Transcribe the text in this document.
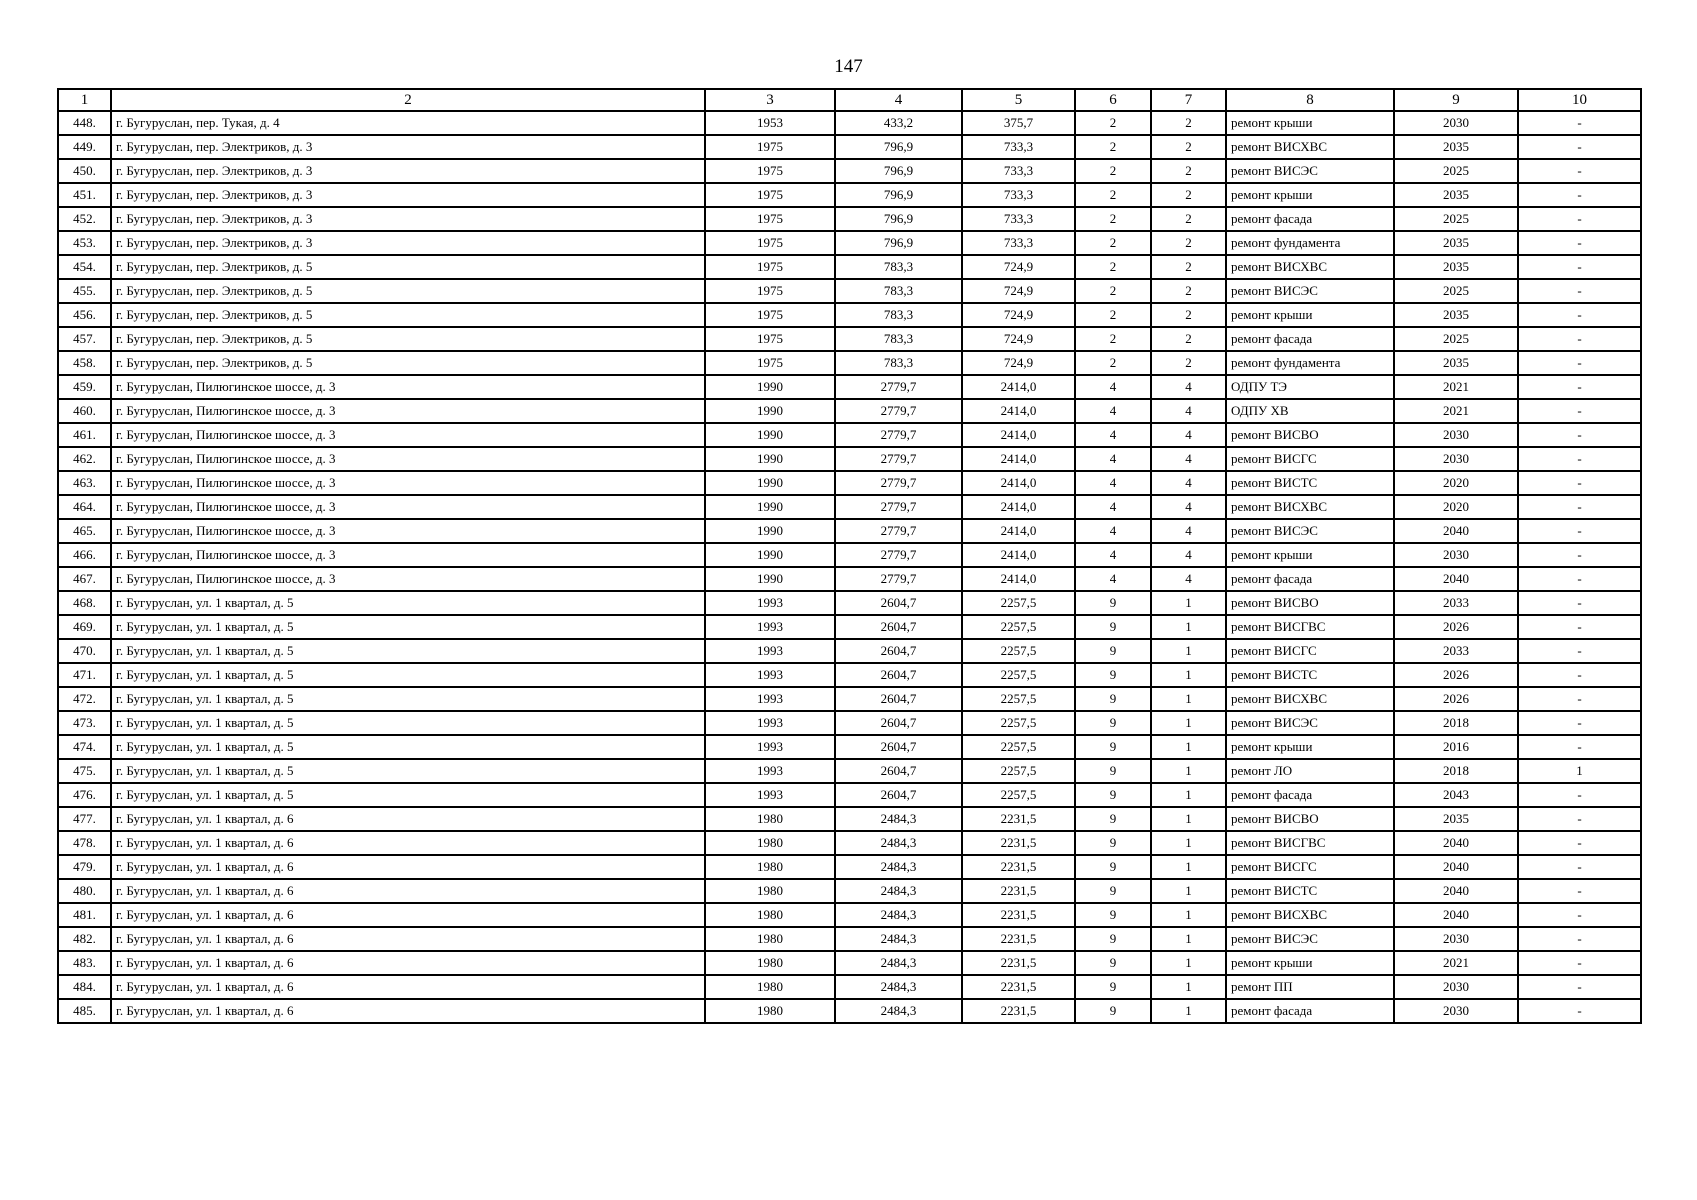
147
1	2	3	4	5	6	7	8	9	10
448.	г. Бугуруслан, пер. Тукая, д. 4	1953	433,2	375,7	2	2	ремонт крыши	2030	-
449.	г. Бугуруслан, пер. Электриков, д. 3	1975	796,9	733,3	2	2	ремонт ВИСХВС	2035	-
450.	г. Бугуруслан, пер. Электриков, д. 3	1975	796,9	733,3	2	2	ремонт ВИСЭС	2025	-
451.	г. Бугуруслан, пер. Электриков, д. 3	1975	796,9	733,3	2	2	ремонт крыши	2035	-
452.	г. Бугуруслан, пер. Электриков, д. 3	1975	796,9	733,3	2	2	ремонт фасада	2025	-
453.	г. Бугуруслан, пер. Электриков, д. 3	1975	796,9	733,3	2	2	ремонт фундамента	2035	-
454.	г. Бугуруслан, пер. Электриков, д. 5	1975	783,3	724,9	2	2	ремонт ВИСХВС	2035	-
455.	г. Бугуруслан, пер. Электриков, д. 5	1975	783,3	724,9	2	2	ремонт ВИСЭС	2025	-
456.	г. Бугуруслан, пер. Электриков, д. 5	1975	783,3	724,9	2	2	ремонт крыши	2035	-
457.	г. Бугуруслан, пер. Электриков, д. 5	1975	783,3	724,9	2	2	ремонт фасада	2025	-
458.	г. Бугуруслан, пер. Электриков, д. 5	1975	783,3	724,9	2	2	ремонт фундамента	2035	-
459.	г. Бугуруслан, Пилюгинское шоссе, д. 3	1990	2779,7	2414,0	4	4	ОДПУ ТЭ	2021	-
460.	г. Бугуруслан, Пилюгинское шоссе, д. 3	1990	2779,7	2414,0	4	4	ОДПУ ХВ	2021	-
461.	г. Бугуруслан, Пилюгинское шоссе, д. 3	1990	2779,7	2414,0	4	4	ремонт ВИСВО	2030	-
462.	г. Бугуруслан, Пилюгинское шоссе, д. 3	1990	2779,7	2414,0	4	4	ремонт ВИСГС	2030	-
463.	г. Бугуруслан, Пилюгинское шоссе, д. 3	1990	2779,7	2414,0	4	4	ремонт ВИСТС	2020	-
464.	г. Бугуруслан, Пилюгинское шоссе, д. 3	1990	2779,7	2414,0	4	4	ремонт ВИСХВС	2020	-
465.	г. Бугуруслан, Пилюгинское шоссе, д. 3	1990	2779,7	2414,0	4	4	ремонт ВИСЭС	2040	-
466.	г. Бугуруслан, Пилюгинское шоссе, д. 3	1990	2779,7	2414,0	4	4	ремонт крыши	2030	-
467.	г. Бугуруслан, Пилюгинское шоссе, д. 3	1990	2779,7	2414,0	4	4	ремонт фасада	2040	-
468.	г. Бугуруслан, ул. 1 квартал, д. 5	1993	2604,7	2257,5	9	1	ремонт ВИСВО	2033	-
469.	г. Бугуруслан, ул. 1 квартал, д. 5	1993	2604,7	2257,5	9	1	ремонт ВИСГВС	2026	-
470.	г. Бугуруслан, ул. 1 квартал, д. 5	1993	2604,7	2257,5	9	1	ремонт ВИСГС	2033	-
471.	г. Бугуруслан, ул. 1 квартал, д. 5	1993	2604,7	2257,5	9	1	ремонт ВИСТС	2026	-
472.	г. Бугуруслан, ул. 1 квартал, д. 5	1993	2604,7	2257,5	9	1	ремонт ВИСХВС	2026	-
473.	г. Бугуруслан, ул. 1 квартал, д. 5	1993	2604,7	2257,5	9	1	ремонт ВИСЭС	2018	-
474.	г. Бугуруслан, ул. 1 квартал, д. 5	1993	2604,7	2257,5	9	1	ремонт крыши	2016	-
475.	г. Бугуруслан, ул. 1 квартал, д. 5	1993	2604,7	2257,5	9	1	ремонт ЛО	2018	1
476.	г. Бугуруслан, ул. 1 квартал, д. 5	1993	2604,7	2257,5	9	1	ремонт фасада	2043	-
477.	г. Бугуруслан, ул. 1 квартал, д. 6	1980	2484,3	2231,5	9	1	ремонт ВИСВО	2035	-
478.	г. Бугуруслан, ул. 1 квартал, д. 6	1980	2484,3	2231,5	9	1	ремонт ВИСГВС	2040	-
479.	г. Бугуруслан, ул. 1 квартал, д. 6	1980	2484,3	2231,5	9	1	ремонт ВИСГС	2040	-
480.	г. Бугуруслан, ул. 1 квартал, д. 6	1980	2484,3	2231,5	9	1	ремонт ВИСТС	2040	-
481.	г. Бугуруслан, ул. 1 квартал, д. 6	1980	2484,3	2231,5	9	1	ремонт ВИСХВС	2040	-
482.	г. Бугуруслан, ул. 1 квартал, д. 6	1980	2484,3	2231,5	9	1	ремонт ВИСЭС	2030	-
483.	г. Бугуруслан, ул. 1 квартал, д. 6	1980	2484,3	2231,5	9	1	ремонт крыши	2021	-
484.	г. Бугуруслан, ул. 1 квартал, д. 6	1980	2484,3	2231,5	9	1	ремонт ПП	2030	-
485.	г. Бугуруслан, ул. 1 квартал, д. 6	1980	2484,3	2231,5	9	1	ремонт фасада	2030	-
